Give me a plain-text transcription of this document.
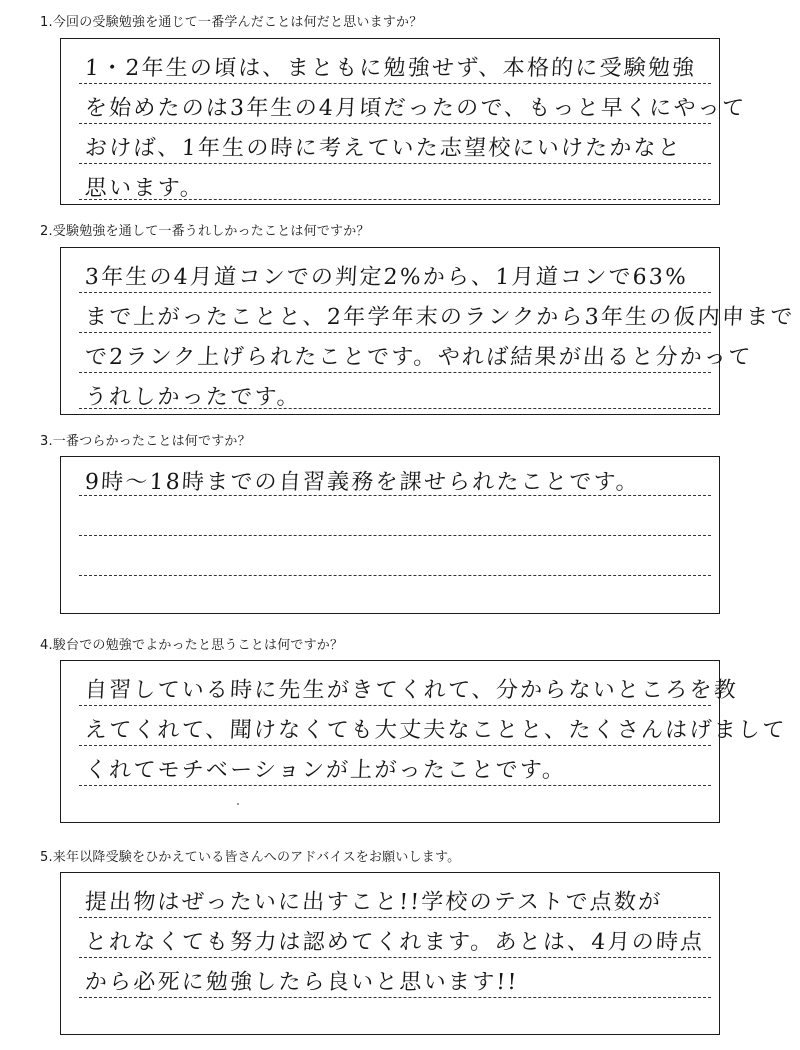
1.今回の受験勉強を通じて一番学んだことは何だと思いますか？
1・2年生の頃は、まともに勉強せず、本格的に受験勉強
を始めたのは3年生の4月頃だったので、もっと早くにやって
おけば、1年生の時に考えていた志望校にいけたかなと
思います。
2.受験勉強を通して一番うれしかったことは何ですか？
3年生の4月道コンでの判定2%から、1月道コンで63%
まで上がったことと、2年学年末のランクから3年生の仮内申まで
で2ランク上げられたことです。やれば結果が出ると分かって
うれしかったです。
3.一番つらかったことは何ですか？
9時～18時までの自習義務を課せられたことです。
4.駿台での勉強でよかったと思うことは何ですか？
自習している時に先生がきてくれて、分からないところを教
えてくれて、聞けなくても大丈夫なことと、たくさんはげまして
くれてモチベーションが上がったことです。
5.来年以降受験をひかえている皆さんへのアドバイスをお願いします。
提出物はぜったいに出すこと!!学校のテストで点数が
とれなくても努力は認めてくれます。あとは、4月の時点
から必死に勉強したら良いと思います!!
